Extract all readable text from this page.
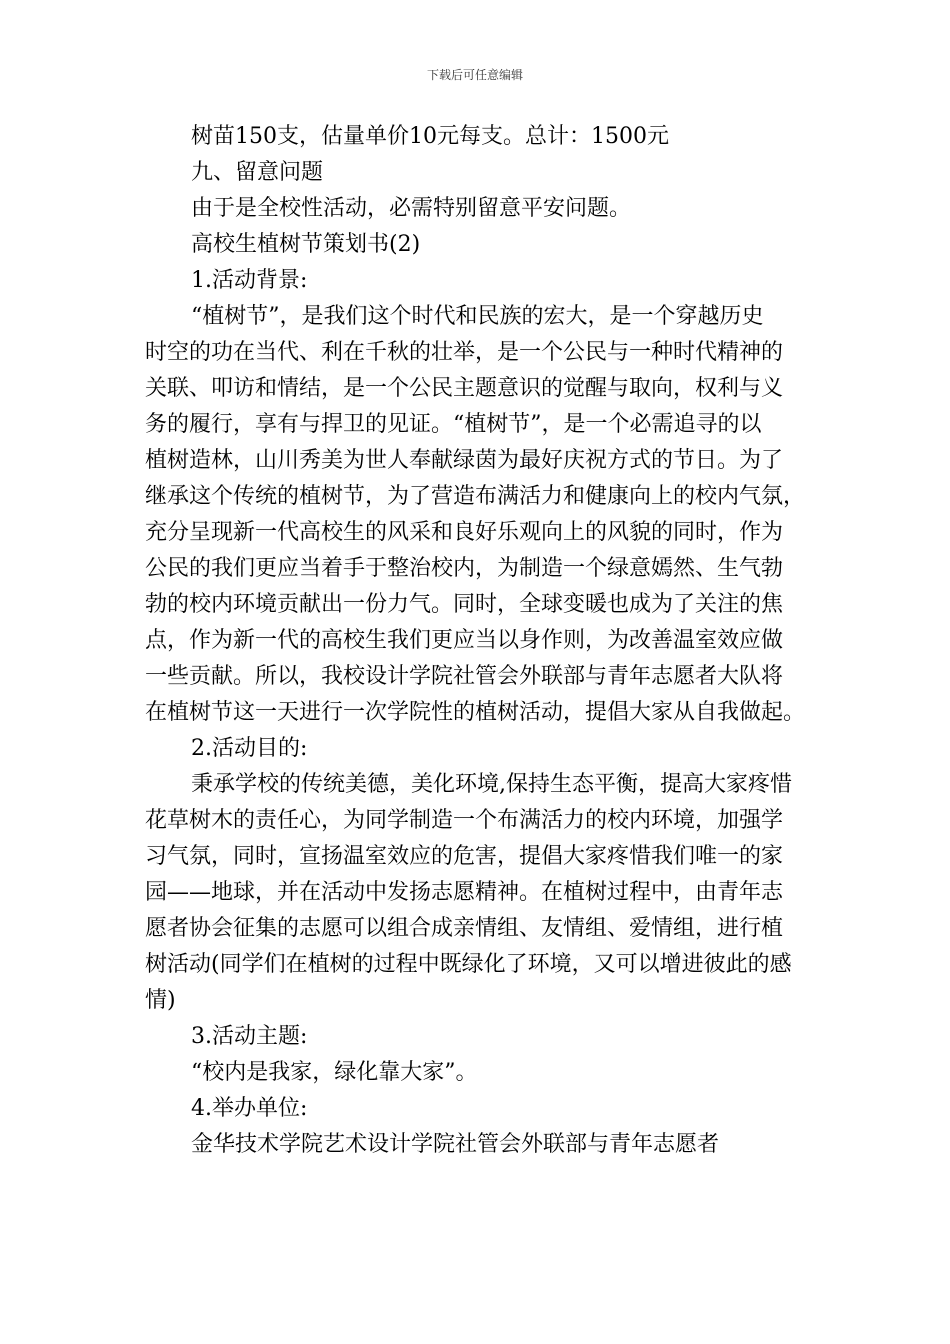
下载后可任意编辑
树苗150支，估量单价10元每支。总计：1500元
九、留意问题
由于是全校性活动，必需特别留意平安问题。
高校生植树节策划书(2)
1.活动背景:
“植树节”，是我们这个时代和民族的宏大，是一个穿越历史
时空的功在当代、利在千秋的壮举，是一个公民与一种时代精神的
关联、叩访和情结，是一个公民主题意识的觉醒与取向，权利与义
务的履行，享有与捍卫的见证。“植树节”，是一个必需追寻的以
植树造林，山川秀美为世人奉献绿茵为最好庆祝方式的节日。为了
继承这个传统的植树节，为了营造布满活力和健康向上的校内气氛，
充分呈现新一代高校生的风采和良好乐观向上的风貌的同时，作为
公民的我们更应当着手于整治校内，为制造一个绿意嫣然、生气勃
勃的校内环境贡献出一份力气。同时，全球变暖也成为了关注的焦
点，作为新一代的高校生我们更应当以身作则，为改善温室效应做
一些贡献。所以，我校设计学院社管会外联部与青年志愿者大队将
在植树节这一天进行一次学院性的植树活动，提倡大家从自我做起。
2.活动目的:
秉承学校的传统美德，美化环境,保持生态平衡，提高大家疼惜
花草树木的责任心，为同学制造一个布满活力的校内环境，加强学
习气氛，同时，宣扬温室效应的危害，提倡大家疼惜我们唯一的家
园——地球，并在活动中发扬志愿精神。在植树过程中，由青年志
愿者协会征集的志愿可以组合成亲情组、友情组、爱情组，进行植
树活动(同学们在植树的过程中既绿化了环境，又可以增进彼此的感
情)
3.活动主题:
“校内是我家，绿化靠大家”。
4.举办单位:
金华技术学院艺术设计学院社管会外联部与青年志愿者
